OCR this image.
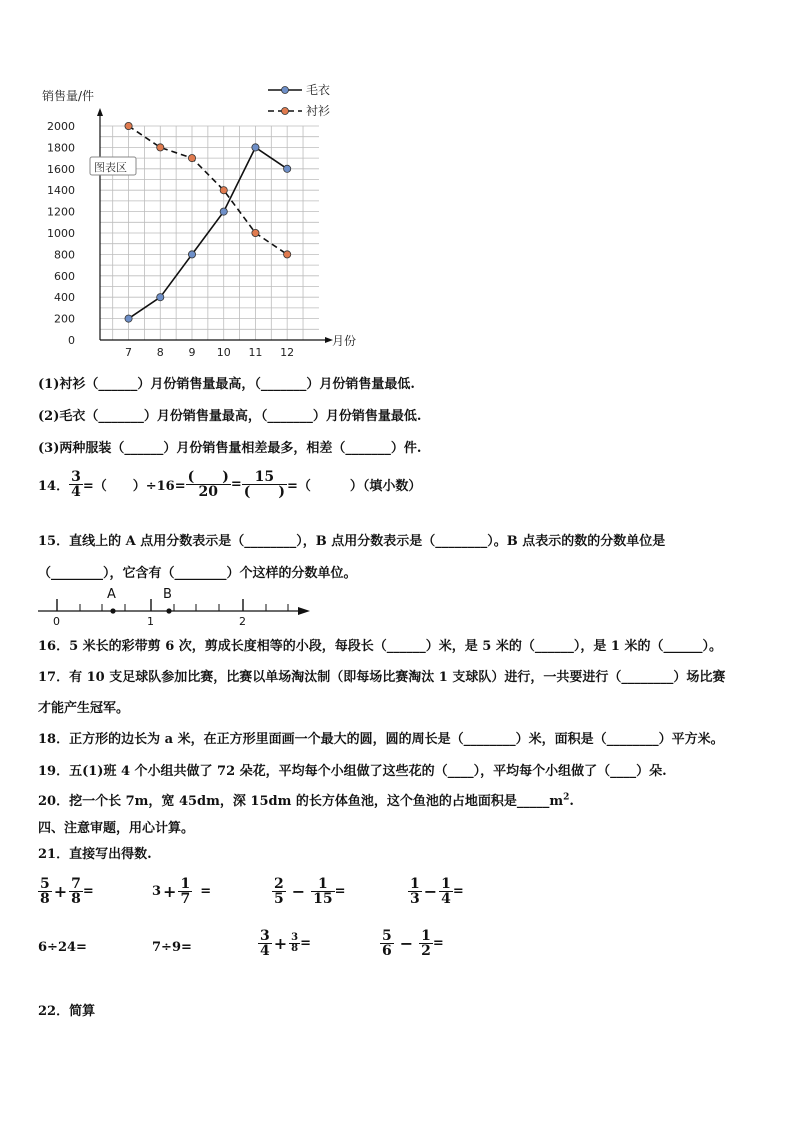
0
200
400
600
800
1000
1200
1400
1600
1800
2000
7 8 9 10 11 12
销售量/件
月份
图表区
毛衣
衬衫
(1)衬衫（______）月份销售量最高，（_______）月份销售量最低.
(2)毛衣（_______）月份销售量最高，（_______）月份销售量最低.
(3)两种服装（______）月份销售量相差最多，相差（_______）件.
14． $\frac{3}{4}$ =（　　）$\div 16= \frac{( )}{20} = \frac{15}{( )}$ =（　　　）（填小数）
15．直线上的 A 点用分数表示是（________），B 点用分数表示是（________）。B 点表示的数的分数单位是
（________），它含有（________）个这样的分数单位。
A	B
0	1	2
16．5 米长的彩带剪 6 次，剪成长度相等的小段，每段长（______）米，是 5 米的（______），是 1 米的（______）。
17．有 10 支足球队参加比赛，比赛以单场淘汰制（即每场比赛淘汰 1 支球队）进行，一共要进行（________）场比赛
才能产生冠军。
18．正方形的边长为 a 米，在正方形里面画一个最大的圆，圆的周长是（________）米，面积是（________）平方米。
19．五(1)班 4 个小组共做了 72 朵花，平均每个小组做了这些花的（____），平均每个小组做了（____）朵.
20．挖一个长 7m，宽 45dm，深 15dm 的长方体鱼池，这个鱼池的占地面积是$\_\_\_\_\_m^2$.
四、注意审题，用心计算。
21．直接写出得数.
$\frac{5}{8} + \frac{7}{8}$ =	$3 + \frac{1}{7}$ =	$\frac{2}{5} - \frac{1}{15}$ =	$\frac{1}{3} - \frac{1}{4}$ =
6÷24=	7÷9=	$\frac{3}{4} + \frac{3}{8}$ =	$\frac{5}{6} - \frac{1}{2}$ =
22．简算
